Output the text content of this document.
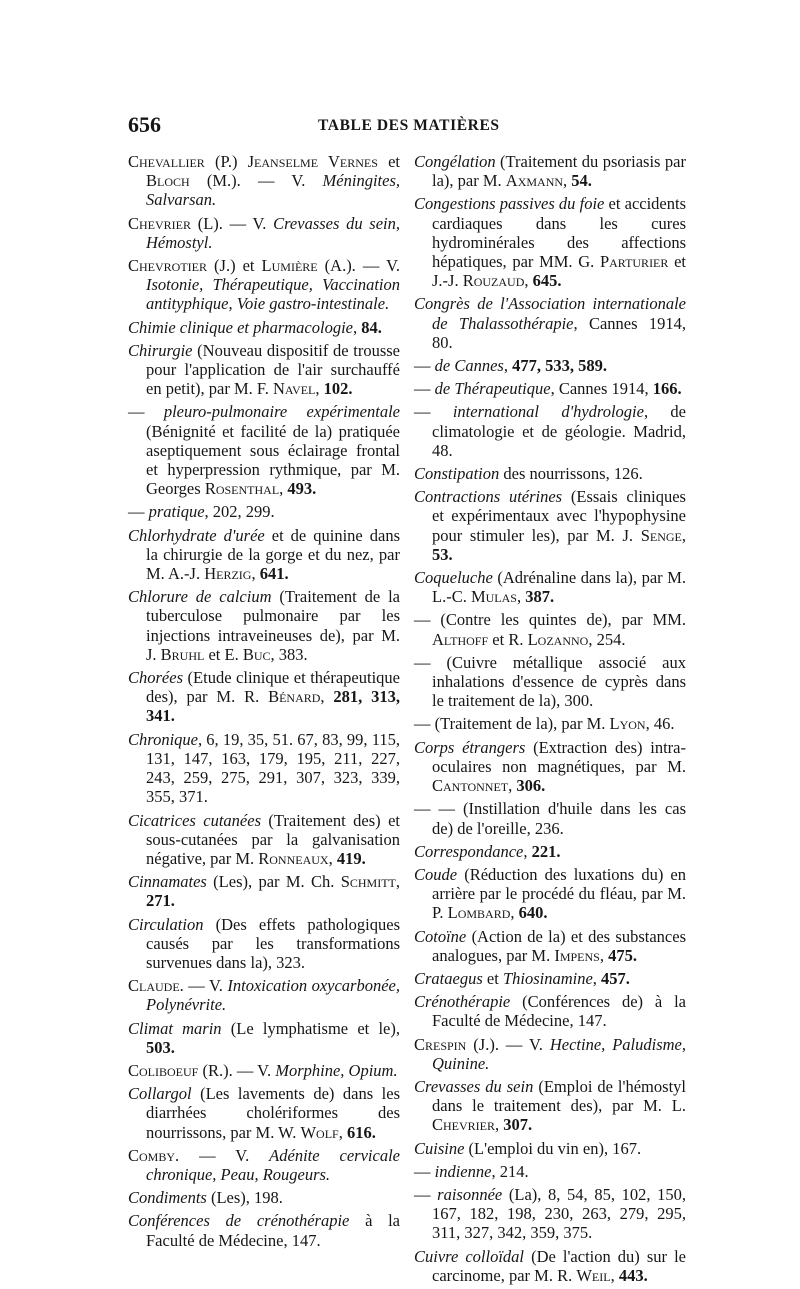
656	TABLE DES MATIÈRES

Chevallier (P.) Jeanselme Vernes et Bloch (M.). — V. Méningites, Salvarsan.

Chevrier (L). — V. Crevasses du sein, Hémostyl.

Chevrotier (J.) et Lumière (A.). — V. Isotonie, Thérapeutique, Vaccination antityphique, Voie gastro-intestinale.

Chimie clinique et pharmacologie, 84.

Chirurgie (Nouveau dispositif de trousse pour l'application de l'air surchauffé en petit), par M. F. Navel, 102.

— pleuro-pulmonaire expérimentale (Bénignité et facilité de la) pratiquée aseptiquement sous éclairage frontal et hyperpression rythmique, par M. Georges Rosenthal, 493.

— pratique, 202, 299.

Chlorhydrate d'urée et de quinine dans la chirurgie de la gorge et du nez, par M. A.-J. Herzig, 641.

Chlorure de calcium (Traitement de la tuberculose pulmonaire par les injections intraveineuses de), par M. J. Bruhl et E. Buc, 383.

Chorées (Etude clinique et thérapeutique des), par M. R. Bénard, 281, 313, 341.

Chronique, 6, 19, 35, 51. 67, 83, 99, 115, 131, 147, 163, 179, 195, 211, 227, 243, 259, 275, 291, 307, 323, 339, 355, 371.

Cicatrices cutanées (Traitement des) et sous-cutanées par la galvanisation négative, par M. Ronneaux, 419.

Cinnamates (Les), par M. Ch. Schmitt, 271.

Circulation (Des effets pathologiques causés par les transformations survenues dans la), 323.

Claude. — V. Intoxication oxycarbonée, Polynévrite.

Climat marin (Le lymphatisme et le), 503.

Coliboeuf (R.). — V. Morphine, Opium.

Collargol (Les lavements de) dans les diarrhées cholériformes des nourrissons, par M. W. Wolf, 616.

Comby. — V. Adénite cervicale chronique, Peau, Rougeurs.

Condiments (Les), 198.

Conférences de crénothérapie à la Faculté de Médecine, 147.

Congélation (Traitement du psoriasis par la), par M. Axmann, 54.

Congestions passives du foie et accidents cardiaques dans les cures hydrominérales des affections hépatiques, par MM. G. Parturier et J.-J. Rouzaud, 645.

Congrès de l'Association internationale de Thalassothérapie, Cannes 1914, 80.

— de Cannes, 477, 533, 589.

— de Thérapeutique, Cannes 1914, 166.

— international d'hydrologie, de climatologie et de géologie. Madrid, 48.

Constipation des nourrissons, 126.

Contractions utérines (Essais cliniques et expérimentaux avec l'hypophysine pour stimuler les), par M. J. Senge, 53.

Coqueluche (Adrénaline dans la), par M. L.-C. Mulas, 387.

— (Contre les quintes de), par MM. Althoff et R. Lozanno, 254.

— (Cuivre métallique associé aux inhalations d'essence de cyprès dans le traitement de la), 300.

— (Traitement de la), par M. Lyon, 46.

Corps étrangers (Extraction des) intra-oculaires non magnétiques, par M. Cantonnet, 306.

— — (Instillation d'huile dans les cas de) de l'oreille, 236.

Correspondance, 221.

Coude (Réduction des luxations du) en arrière par le procédé du fléau, par M. P. Lombard, 640.

Cotoïne (Action de la) et des substances analogues, par M. Impens, 475.

Crataegus et Thiosinamine, 457.

Crénothérapie (Conférences de) à la Faculté de Médecine, 147.

Crespin (J.). — V. Hectine, Paludisme, Quinine.

Crevasses du sein (Emploi de l'hémostyl dans le traitement des), par M. L. Chevrier, 307.

Cuisine (L'emploi du vin en), 167.

— indienne, 214.

— raisonnée (La), 8, 54, 85, 102, 150, 167, 182, 198, 230, 263, 279, 295, 311, 327, 342, 359, 375.

Cuivre colloïdal (De l'action du) sur le carcinome, par M. R. Weil, 443.
